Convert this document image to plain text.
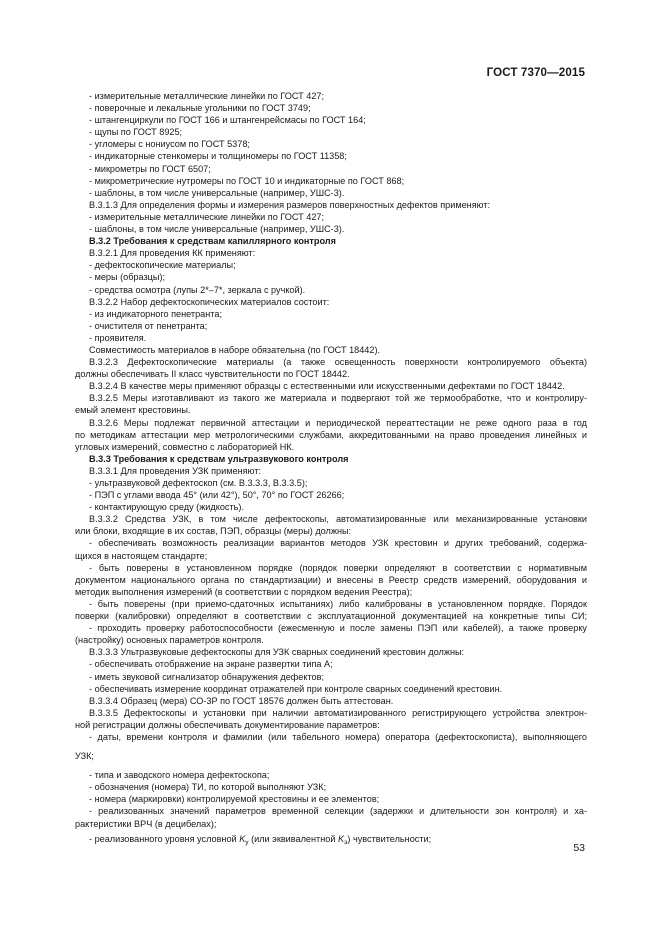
ГОСТ 7370—2015
- измерительные металлические линейки по ГОСТ 427;
- поверочные и лекальные угольники по ГОСТ 3749;
- штангенциркули по ГОСТ 166 и штангенрейсмасы по ГОСТ 164;
- щупы по ГОСТ 8925;
- угломеры с нониусом по ГОСТ 5378;
- индикаторные стенкомеры и толщиномеры по ГОСТ 11358;
- микрометры по ГОСТ 6507;
- микрометрические нутромеры по ГОСТ 10 и индикаторные по ГОСТ 868;
- шаблоны, в том числе универсальные (например, УШС-3).
В.3.1.3 Для определения формы и измерения размеров поверхностных дефектов применяют:
- измерительные металлические линейки по ГОСТ 427;
- шаблоны, в том числе универсальные (например, УШС-3).
В.3.2 Требования к средствам капиллярного контроля
В.3.2.1 Для проведения КК применяют:
- дефектоскопические материалы;
- меры (образцы);
- средства осмотра (лупы 2*–7*, зеркала с ручкой).
В.3.2.2 Набор дефектоскопических материалов состоит:
- из индикаторного пенетранта;
- очистителя от пенетранта;
- проявителя.
Совместимость материалов в наборе обязательна (по ГОСТ 18442).
В.3.2.3 Дефектоскопические материалы (а также освещенность поверхности контролируемого объекта)
должны обеспечивать II класс чувствительности по ГОСТ 18442.
В.3.2.4 В качестве меры применяют образцы с естественными или искусственными дефектами по ГОСТ 18442.
В.3.2.5 Меры изготавливают из такого же материала и подвергают той же термообработке, что и контролиру-
емый элемент крестовины.
В.3.2.6 Меры подлежат первичной аттестации и периодической переаттестации не реже одного раза в год
по методикам аттестации мер метрологическими службами, аккредитованными на право проведения линейных и
угловых измерений, совместно с лабораторией НК.
В.3.3 Требования к средствам ультразвукового контроля
В.3.3.1 Для проведения УЗК применяют:
- ультразвуковой дефектоскоп (см. В.3.3.3, В.3.3.5);
- ПЭП с углами ввода 45° (или 42°), 50°, 70° по ГОСТ 26266;
- контактирующую среду (жидкость).
В.3.3.2 Средства УЗК, в том числе дефектоскопы, автоматизированные или механизированные установки
или блоки, входящие в их состав, ПЭП, образцы (меры) должны:
- обеспечивать возможность реализации вариантов методов УЗК крестовин и других требований, содержа-
щихся в настоящем стандарте;
- быть поверены в установленном порядке (порядок поверки определяют в соответствии с нормативным
документом национального органа по стандартизации) и внесены в Реестр средств измерений, оборудования и
методик выполнения измерений (в соответствии с порядком ведения Реестра);
- быть поверены (при приемо-сдаточных испытаниях) либо калиброваны в установленном порядке. Порядок
поверки (калибровки) определяют в соответствии с эксплуатационной документацией на конкретные типы СИ;
- проходить проверку работоспособности (ежесменную и после замены ПЭП или кабелей), а также проверку
(настройку) основных параметров контроля.
В.3.3.3 Ультразвуковые дефектоскопы для УЗК сварных соединений крестовин должны:
- обеспечивать отображение на экране развертки типа А;
- иметь звуковой сигнализатор обнаружения дефектов;
- обеспечивать измерение координат отражателей при контроле сварных соединений крестовин.
В.3.3.4 Образец (мера) СО-3Р по ГОСТ 18576 должен быть аттестован.
В.3.3.5 Дефектоскопы и установки при наличии автоматизированного регистрирующего устройства электрон-
ной регистрации должны обеспечивать документирование параметров:
- даты, времени контроля и фамилии (или табельного номера) оператора (дефектоскописта), выполняющего
УЗК;
- типа и заводского номера дефектоскопа;
- обозначения (номера) ТИ, по которой выполняют УЗК;
- номера (маркировки) контролируемой крестовины и ее элементов;
- реализованных значений параметров временной селекции (задержки и длительности зон контроля) и ха-
рактеристики ВРЧ (в децибелах);
- реализованного уровня условной $K_у$ (или эквивалентной $K_э$) чувствительности;
53
